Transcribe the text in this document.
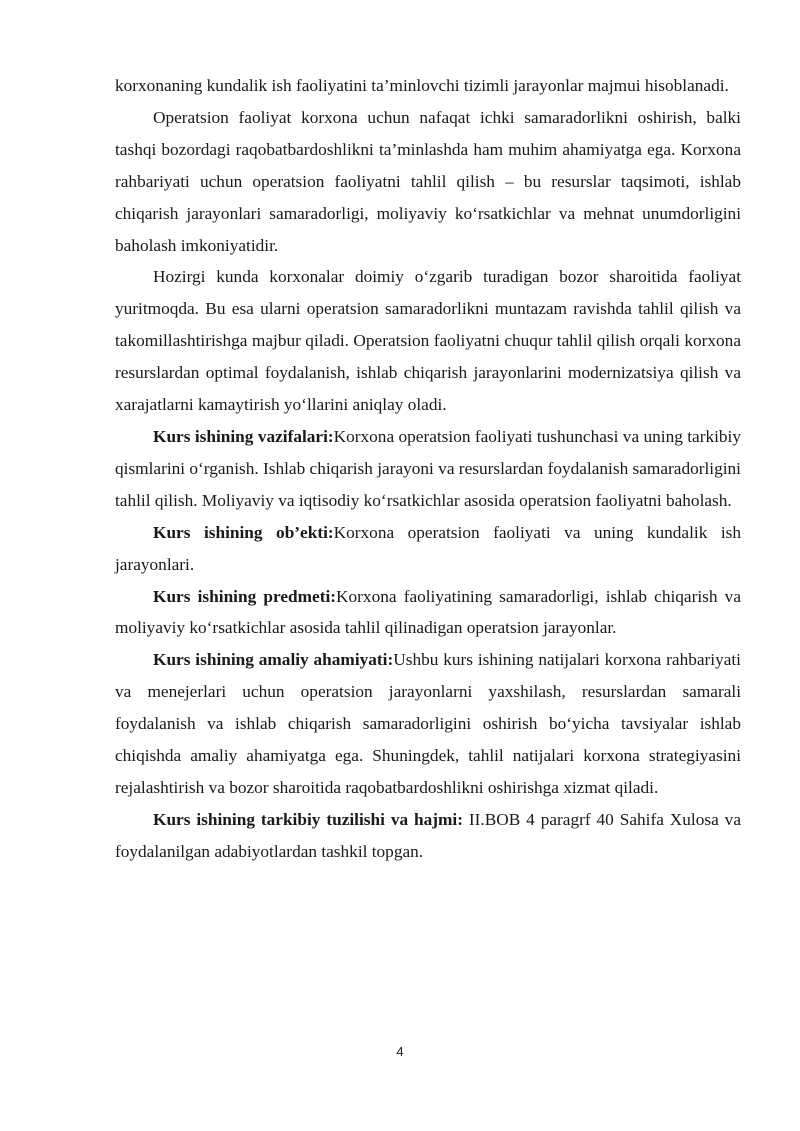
korxonaning kundalik ish faoliyatini ta’minlovchi tizimli jarayonlar majmui hisoblanadi.

Operatsion faoliyat korxona uchun nafaqat ichki samaradorlikni oshirish, balki tashqi bozordagi raqobatbardoshlikni ta’minlashda ham muhim ahamiyatga ega. Korxona rahbariyati uchun operatsion faoliyatni tahlil qilish – bu resurslar taqsimoti, ishlab chiqarish jarayonlari samaradorligi, moliyaviy ko‘rsatkichlar va mehnat unumdorligini baholash imkoniyatidir.

Hozirgi kunda korxonalar doimiy o‘zgarib turadigan bozor sharoitida faoliyat yuritmoqda. Bu esa ularni operatsion samaradorlikni muntazam ravishda tahlil qilish va takomillashtirishga majbur qiladi. Operatsion faoliyatni chuqur tahlil qilish orqali korxona resurslardan optimal foydalanish, ishlab chiqarish jarayonlarini modernizatsiya qilish va xarajatlarni kamaytirish yo‘llarini aniqlay oladi.

Kurs ishining vazifalari:Korxona operatsion faoliyati tushunchasi va uning tarkibiy qismlarini o‘rganish. Ishlab chiqarish jarayoni va resurslardan foydalanish samaradorligini tahlil qilish. Moliyaviy va iqtisodiy ko‘rsatkichlar asosida operatsion faoliyatni baholash.

Kurs ishining ob’ekti:Korxona operatsion faoliyati va uning kundalik ish jarayonlari.

Kurs ishining predmeti:Korxona faoliyatining samaradorligi, ishlab chiqarish va moliyaviy ko‘rsatkichlar asosida tahlil qilinadigan operatsion jarayonlar.

Kurs ishining amaliy ahamiyati:Ushbu kurs ishining natijalari korxona rahbariyati va menejerlari uchun operatsion jarayonlarni yaxshilash, resurslardan samarali foydalanish va ishlab chiqarish samaradorligini oshirish bo‘yicha tavsiyalar ishlab chiqishda amaliy ahamiyatga ega. Shuningdek, tahlil natijalari korxona strategiyasini rejalashtirish va bozor sharoitida raqobatbardoshlikni oshirishga xizmat qiladi.

Kurs ishining tarkibiy tuzilishi va hajmi: II.BOB 4 paragrf 40 Sahifa Xulosa va foydalanilgan adabiyotlardan tashkil topgan.

4
